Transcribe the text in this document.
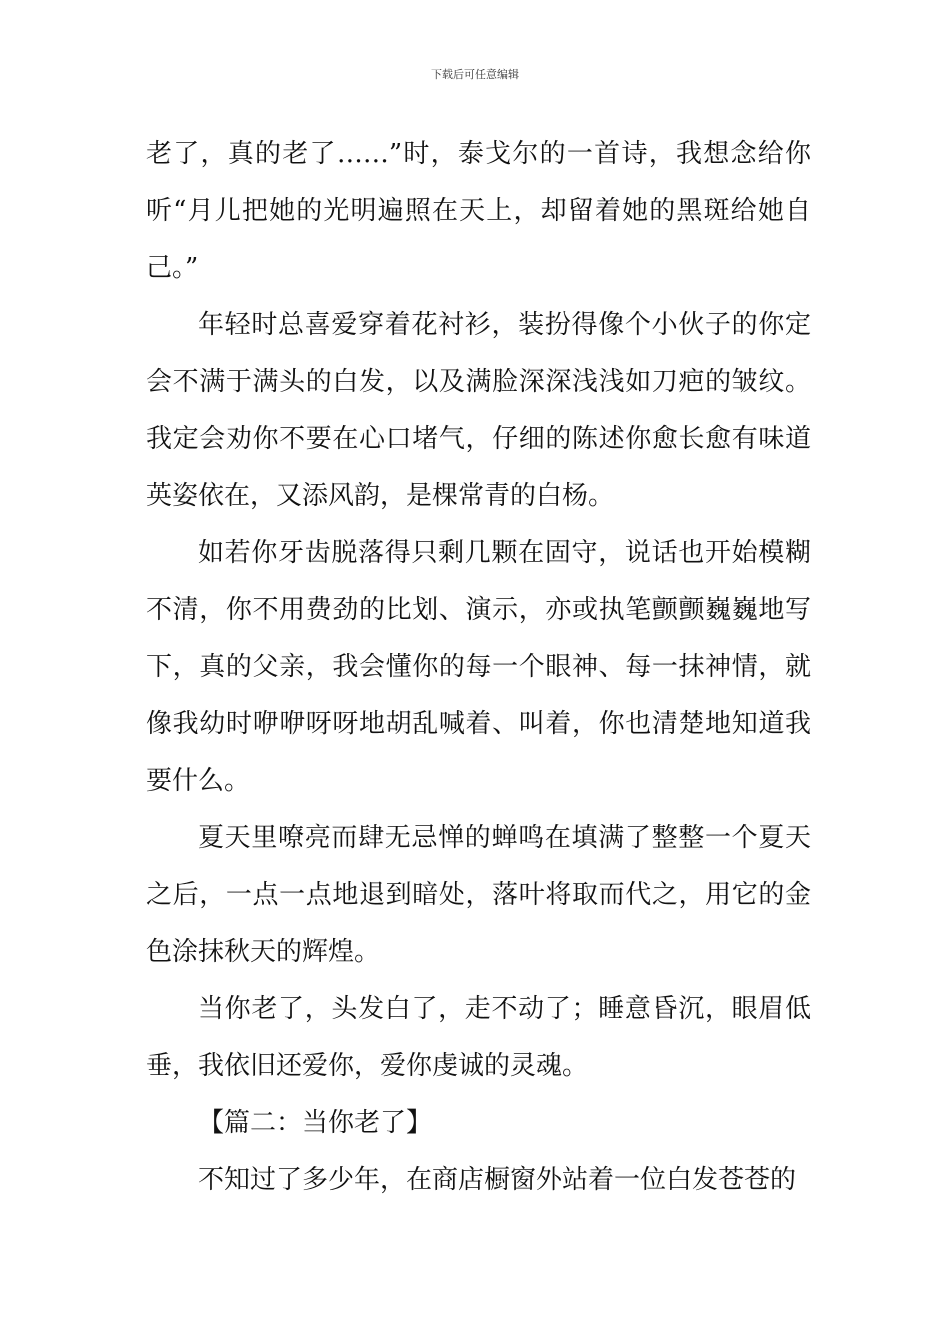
下载后可任意编辑

老了，真的老了……”时，泰戈尔的一首诗，我想念给你听“月儿把她的光明遍照在天上，却留着她的黑斑给她自己。”

年轻时总喜爱穿着花衬衫，装扮得像个小伙子的你定会不满于满头的白发，以及满脸深深浅浅如刀疤的皱纹。我定会劝你不要在心口堵气，仔细的陈述你愈长愈有味道英姿依在，又添风韵，是棵常青的白杨。

如若你牙齿脱落得只剩几颗在固守，说话也开始模糊不清，你不用费劲的比划、演示，亦或执笔颤颤巍巍地写下，真的父亲，我会懂你的每一个眼神、每一抹神情，就像我幼时咿咿呀呀地胡乱喊着、叫着，你也清楚地知道我要什么。

夏天里嘹亮而肆无忌惮的蝉鸣在填满了整整一个夏天之后，一点一点地退到暗处，落叶将取而代之，用它的金色涂抹秋天的辉煌。

当你老了，头发白了，走不动了；睡意昏沉，眼眉低垂，我依旧还爱你，爱你虔诚的灵魂。

【篇二：当你老了】

不知过了多少年，在商店橱窗外站着一位白发苍苍的
